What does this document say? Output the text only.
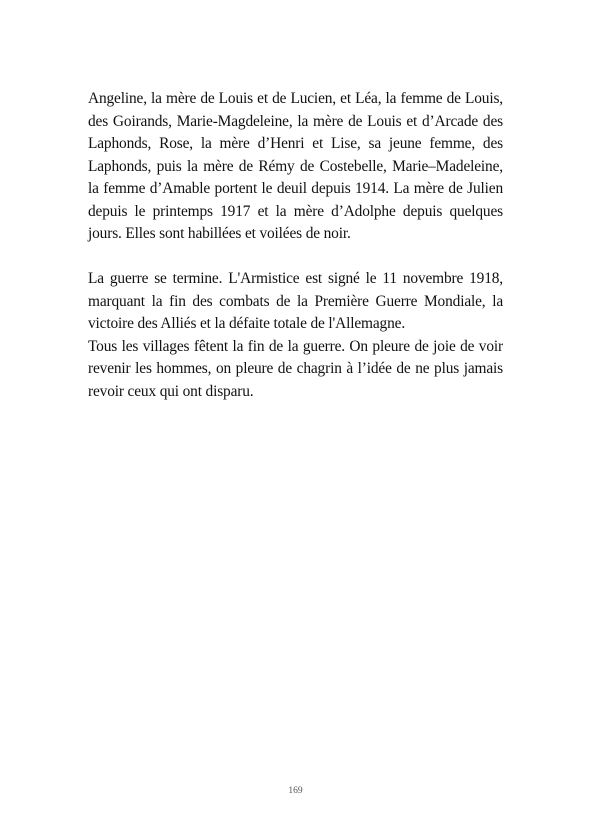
Angeline, la mère de Louis et de Lucien, et Léa, la femme de Louis, des Goirands, Marie-Magdeleine, la mère de Louis et d’Arcade des Laphonds, Rose, la mère d’Henri et Lise, sa jeune femme, des Laphonds, puis la mère de Rémy de Costebelle, Marie–Madeleine, la femme d’Amable portent le deuil depuis 1914. La mère de Julien depuis le printemps 1917 et la mère d’Adolphe depuis quelques jours. Elles sont habillées et voilées de noir.

La guerre se termine. L'Armistice est signé le 11 novembre 1918, marquant la fin des combats de la Première Guerre Mondiale, la victoire des Alliés et la défaite totale de l'Allemagne.

Tous les villages fêtent la fin de la guerre. On pleure de joie de voir revenir les hommes, on pleure de chagrin à l’idée de ne plus jamais revoir ceux qui ont disparu.

169
